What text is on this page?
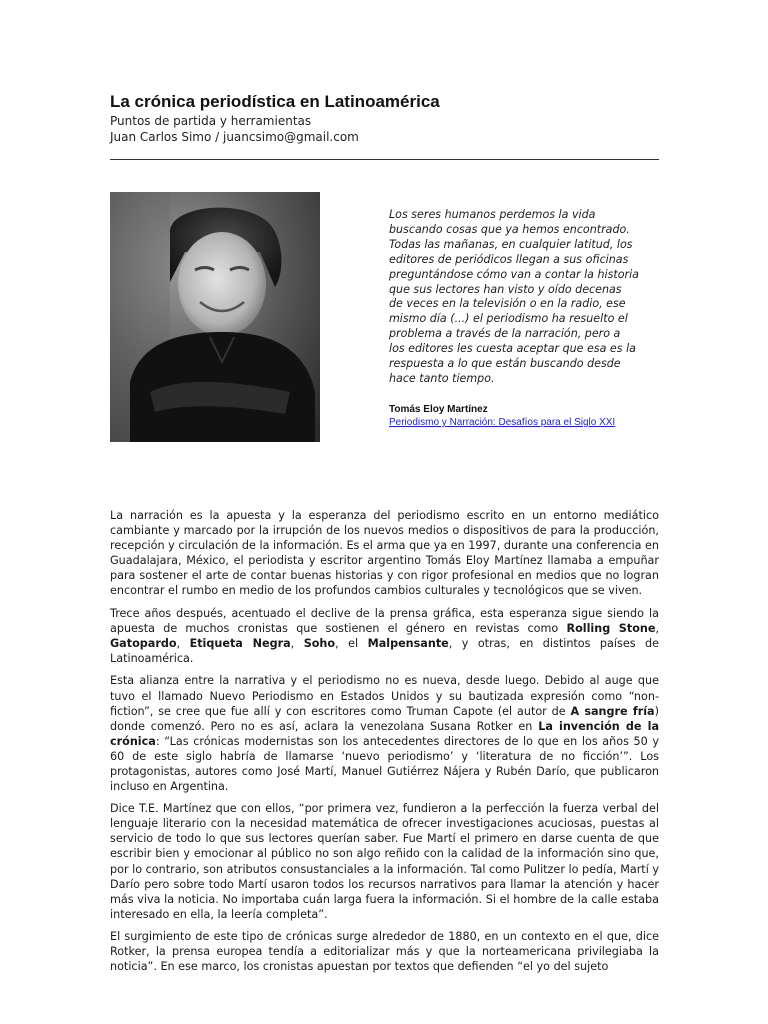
La crónica periodística en Latinoamérica

Puntos de partida y herramientas

Juan Carlos Simo / juancsimo@gmail.com

Los seres humanos perdemos la vida
buscando cosas que ya hemos encontrado.
Todas las mañanas, en cualquier latitud, los
editores de periódicos llegan a sus oficinas
preguntándose cómo van a contar la historia
que sus lectores han visto y oído decenas
de veces en la televisión o en la radio, ese
mismo día (...) el periodismo ha resuelto el
problema a través de la narración, pero a
los editores les cuesta aceptar que esa es la
respuesta a lo que están buscando desde
hace tanto tiempo.
Tomás Eloy Martínez
Periodismo y Narración: Desafíos para el Siglo XXI

La narración es la apuesta y la esperanza del periodismo escrito en un entorno mediático cambiante y marcado por la irrupción de los nuevos medios o dispositivos de para la producción, recepción y circulación de la información. Es el arma que ya en 1997, durante una conferencia en Guadalajara, México, el periodista y escritor argentino Tomás Eloy Martínez llamaba a empuñar para sostener el arte de contar buenas historias y con rigor profesional en medios que no logran encontrar el rumbo en medio de los profundos cambios culturales y tecnológicos que se viven.

Trece años después, acentuado el declive de la prensa gráfica, esta esperanza sigue siendo la apuesta de muchos cronistas que sostienen el género en revistas como Rolling Stone, Gatopardo, Etiqueta Negra, Soho, el Malpensante, y otras, en distintos países de Latinoamérica.

Esta alianza entre la narrativa y el periodismo no es nueva, desde luego. Debido al auge que tuvo el llamado Nuevo Periodismo en Estados Unidos y su bautizada expresión como “non-fiction”, se cree que fue allí y con escritores como Truman Capote (el autor de A sangre fría) donde comenzó. Pero no es así, aclara la venezolana Susana Rotker en La invención de la crónica: “Las crónicas modernistas son los antecedentes directores de lo que en los años 50 y 60 de este siglo habría de llamarse ‘nuevo periodismo’ y ‘literatura de no ficción’”. Los protagonistas, autores como José Martí, Manuel Gutiérrez Nájera y Rubén Darío, que publicaron incluso en Argentina.

Dice T.E. Martínez que con ellos, “por primera vez, fundieron a la perfección la fuerza verbal del lenguaje literario con la necesidad matemática de ofrecer investigaciones acuciosas, puestas al servicio de todo lo que sus lectores querían saber. Fue Martí el primero en darse cuenta de que escribir bien y emocionar al público no son algo reñido con la calidad de la información sino que, por lo contrario, son atributos consustanciales a la información. Tal como Pulitzer lo pedía, Martí y Darío pero sobre todo Martí usaron todos los recursos narrativos para llamar la atención y hacer más viva la noticia. No importaba cuán larga fuera la información. Si el hombre de la calle estaba interesado en ella, la leería completa”.

El surgimiento de este tipo de crónicas surge alrededor de 1880, en un contexto en el que, dice Rotker, la prensa europea tendía a editorializar más y que la norteamericana privilegiaba la noticia”. En ese marco, los cronistas apuestan por textos que defienden “el yo del sujeto
